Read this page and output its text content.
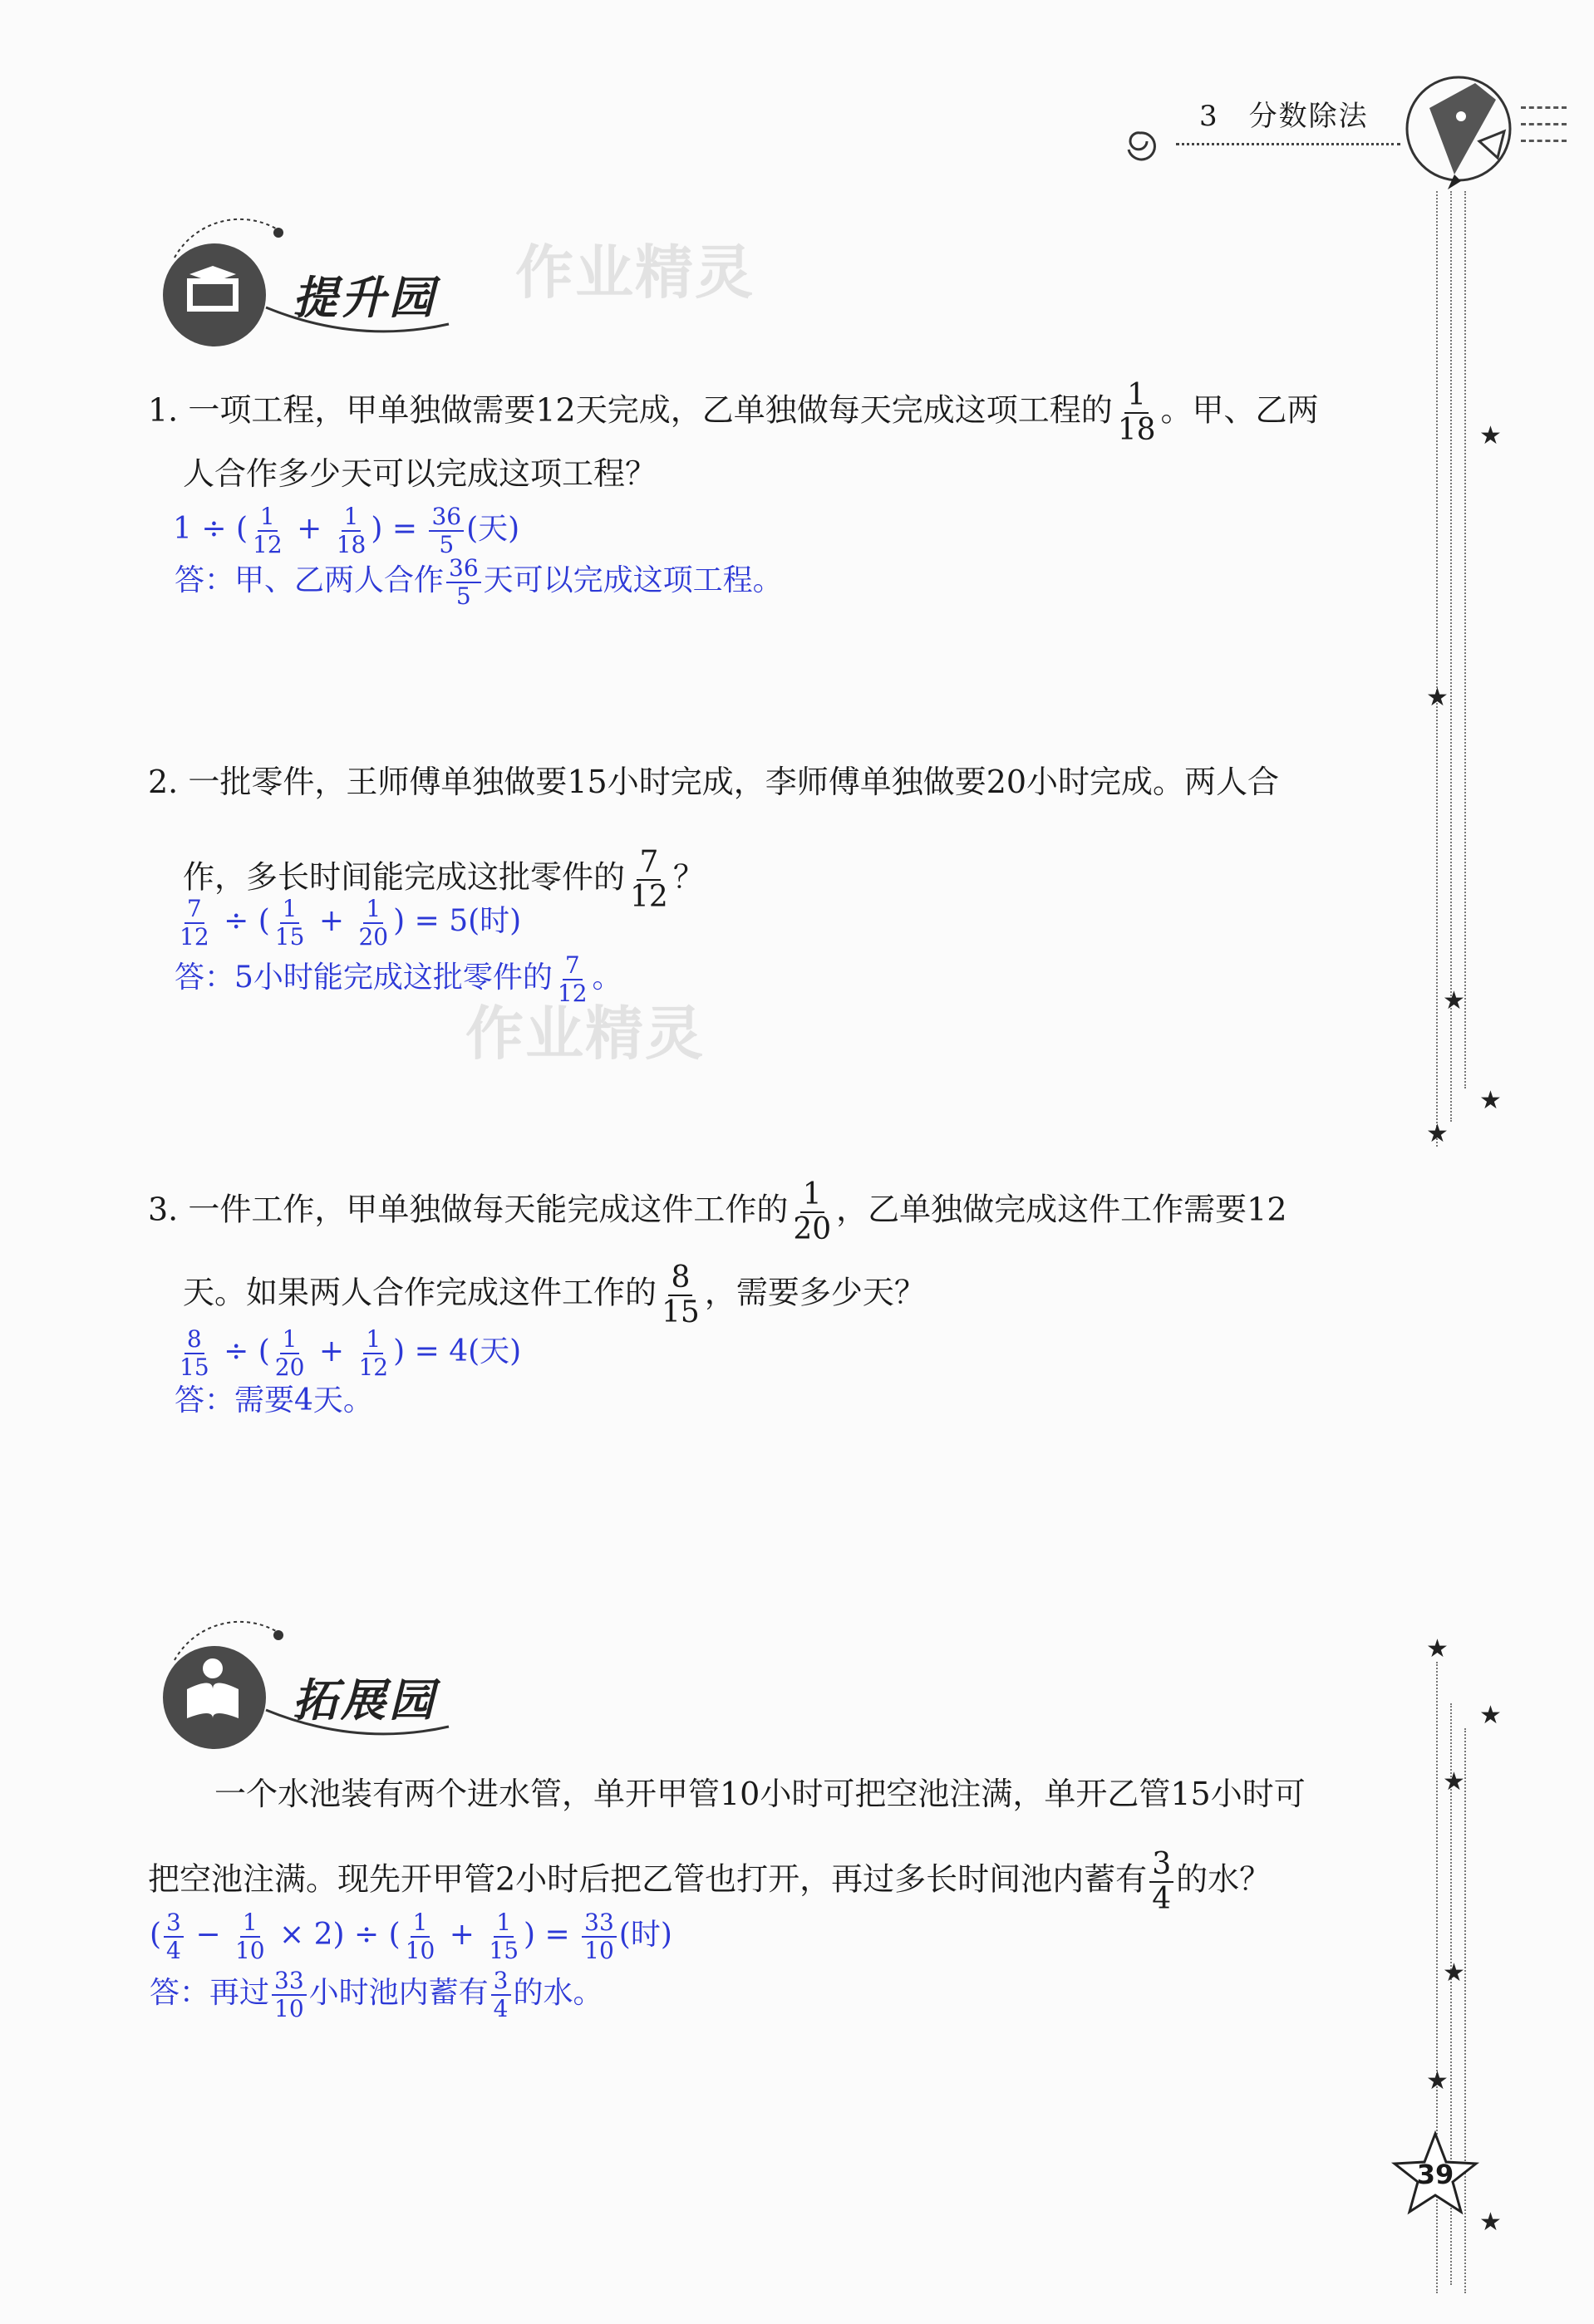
3　分数除法
★
★
★
★
★
★
★
★
★
★
★
提升园 作业精灵
作业精灵
1. 一项工程，甲单独做需要12天完成，乙单独做每天完成这项工程的 $\frac{1}{18}$ 。甲、乙两
人合作多少天可以完成这项工程？
1 ÷ ( $\frac{1}{12} + \frac{1}{18}$ ) = $\frac{36}{5}$ (天)
答：甲、乙两人合作 $\frac{36}{5}$ 天可以完成这项工程。
2. 一批零件，王师傅单独做要15小时完成，李师傅单独做要20小时完成。两人合
作，多长时间能完成这批零件的 $\frac{7}{12}$ ？
$\frac{7}{12}$ ÷ ( $\frac{1}{15} + \frac{1}{20}$ ) = 5(时)
答：5小时能完成这批零件的 $\frac{7}{12}$ 。
3. 一件工作，甲单独做每天能完成这件工作的 $\frac{1}{20}$ ，乙单独做完成这件工作需要12
天。如果两人合作完成这件工作的 $\frac{8}{15}$ ，需要多少天？
$\frac{8}{15}$ ÷ ( $\frac{1}{20} + \frac{1}{12}$ ) = 4(天)
答：需要4天。
拓展园
一个水池装有两个进水管，单开甲管10小时可把空池注满，单开乙管15小时可
把空池注满。现先开甲管2小时后把乙管也打开，再过多长时间池内蓄有 $\frac{3}{4}$ 的水？
( $\frac{3}{4} - \frac{1}{10} \times 2$) ÷ ( $\frac{1}{10} + \frac{1}{15}$ ) = $\frac{33}{10}$ (时)
答：再过 $\frac{33}{10}$ 小时池内蓄有 $\frac{3}{4}$ 的水。
39
